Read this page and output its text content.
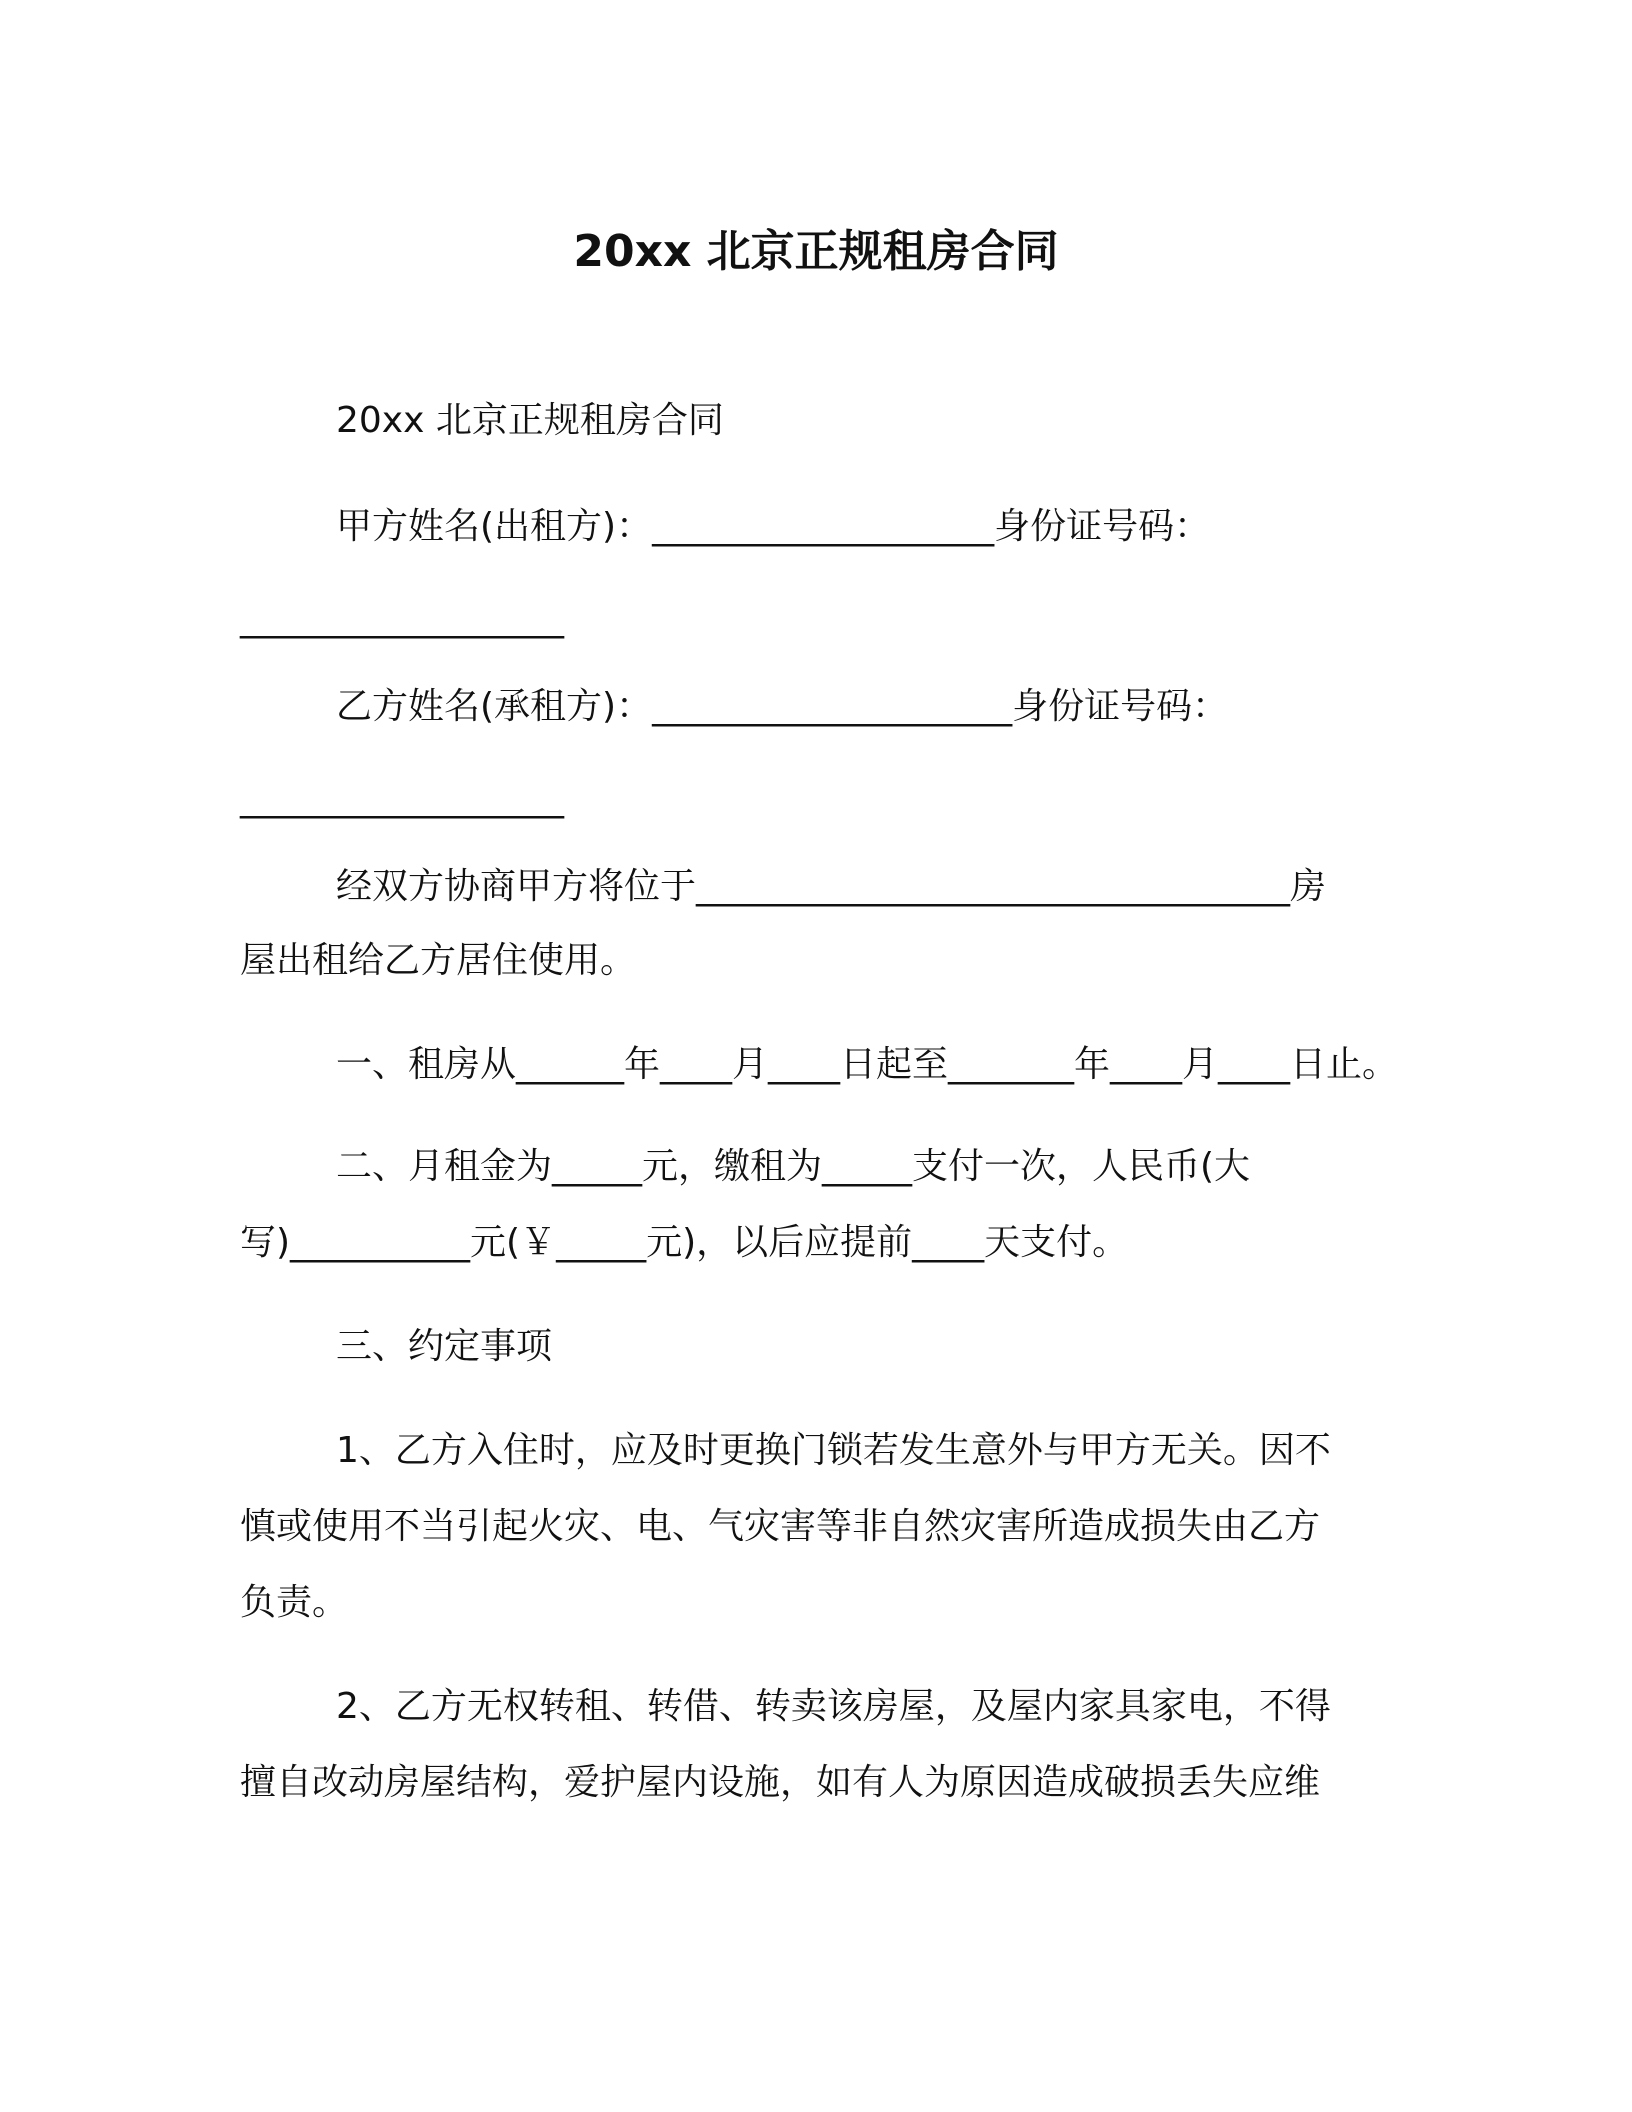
20xx 北京正规租房合同
20xx 北京正规租房合同
甲方姓名(出租方)：___________________身份证号码：
__________________
乙方姓名(承租方)：____________________身份证号码：
__________________
经双方协商甲方将位于_________________________________房
屋出租给乙方居住使用。
一、租房从______年____月____日起至_______年____月____日止。
二、月租金为_____元，缴租为_____支付一次，人民币(大
写)__________元(￥_____元)，以后应提前____天支付。
三、约定事项
1、乙方入住时，应及时更换门锁若发生意外与甲方无关。因不
慎或使用不当引起火灾、电、气灾害等非自然灾害所造成损失由乙方
负责。
2、乙方无权转租、转借、转卖该房屋，及屋内家具家电，不得
擅自改动房屋结构，爱护屋内设施，如有人为原因造成破损丢失应维
